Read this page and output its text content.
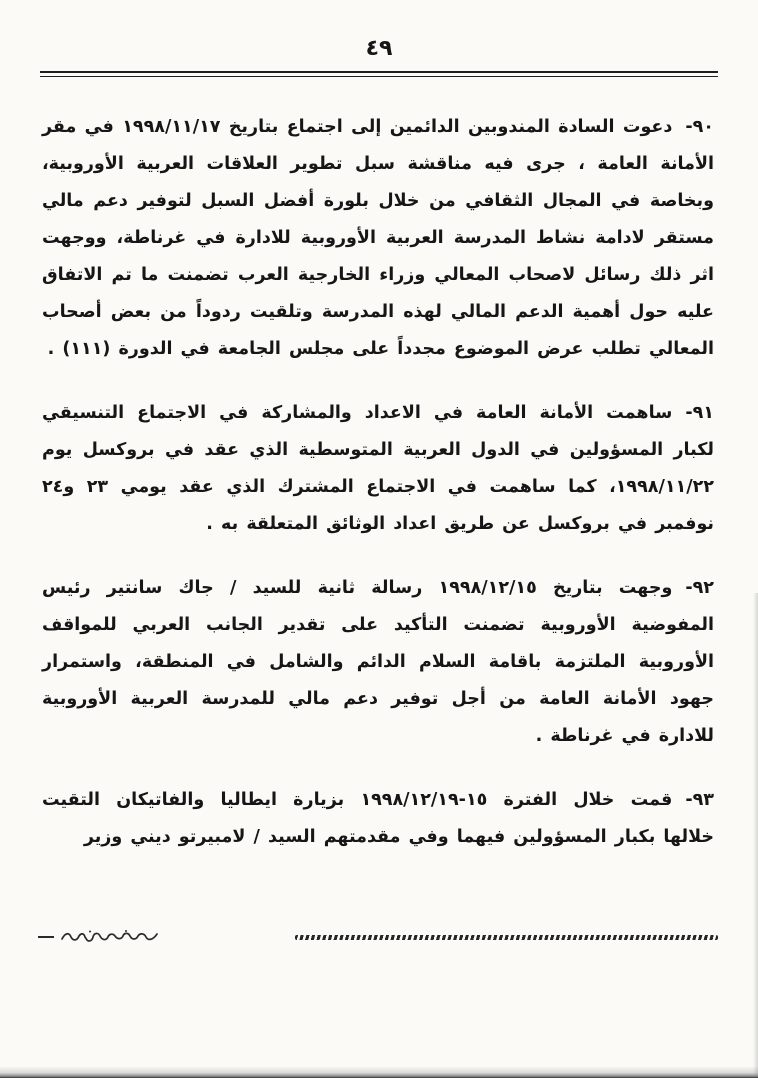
٤٩

٩٠-دعوت السادة المندوبين الدائمين إلى اجتماع بتاريخ ١٩٩٨/١١/١٧ في مقر الأمانة العامة ، جرى فيه مناقشة سبل تطوير العلاقات العربية الأوروبية، وبخاصة في المجال الثقافي من خلال بلورة أفضل السبل لتوفير دعم مالي مستقر لادامة نشاط المدرسة العربية الأوروبية للادارة في غرناطة، ووجهت اثر ذلك رسائل لاصحاب المعالي وزراء الخارجية العرب تضمنت ما تم الاتفاق عليه حول أهمية الدعم المالي لهذه المدرسة وتلقيت ردوداً من بعض أصحاب المعالي تطلب عرض الموضوع مجدداً على مجلس الجامعة في الدورة (١١١) .

٩١-ساهمت الأمانة العامة في الاعداد والمشاركة في الاجتماع التنسيقي لكبار المسؤولين في الدول العربية المتوسطية الذي عقد في بروكسل يوم ١٩٩٨/١١/٢٢، كما ساهمت في الاجتماع المشترك الذي عقد يومي ٢٣ و٢٤ نوفمبر في بروكسل عن طريق اعداد الوثائق المتعلقة به .

٩٢-وجهت بتاريخ ١٩٩٨/١٢/١٥ رسالة ثانية للسيد / جاك سانتير رئيس المفوضية الأوروبية تضمنت التأكيد على تقدير الجانب العربي للمواقف الأوروبية الملتزمة باقامة السلام الدائم والشامل في المنطقة، واستمرار جهود الأمانة العامة من أجل توفير دعم مالي للمدرسة العربية الأوروبية للادارة في غرناطة .

٩٣-قمت خلال الفترة ١٥-١٩٩٨/١٢/١٩ بزيارة ايطاليا والفاتيكان التقيت خلالها بكبار المسؤولين فيهما وفي مقدمتهم السيد / لامبيرتو ديني وزير
